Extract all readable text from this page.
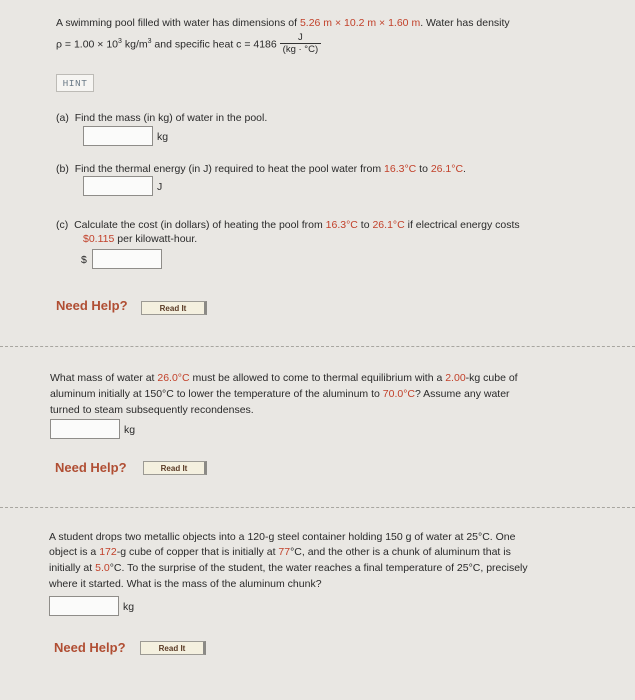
A swimming pool filled with water has dimensions of 5.26 m × 10.2 m × 1.60 m. Water has density
$\rho = 1.00 \times 10^3$ $kg/m^3$ and specific heat $c = 4186 \frac{J}{(kg \cdot ^\circ C)}$
HINT
(a) Find the mass (in kg) of water in the pool.
kg
(b) Find the thermal energy (in J) required to heat the pool water from 16.3°C to 26.1°C.
J
(c) Calculate the cost (in dollars) of heating the pool from 16.3°C to 26.1°C if electrical energy costs
$0.115 per kilowatt-hour.
$
Need Help?	Read It
What mass of water at 26.0°C must be allowed to come to thermal equilibrium with a 2.00-kg cube of
aluminum initially at 150°C to lower the temperature of the aluminum to 70.0°C? Assume any water
turned to steam subsequently recondenses.
kg
Need Help?	Read It
A student drops two metallic objects into a 120-g steel container holding 150 g of water at 25°C. One
object is a 172-g cube of copper that is initially at 77°C, and the other is a chunk of aluminum that is
initially at 5.0°C. To the surprise of the student, the water reaches a final temperature of 25°C, precisely
where it started. What is the mass of the aluminum chunk?
kg
Need Help?	Read It
